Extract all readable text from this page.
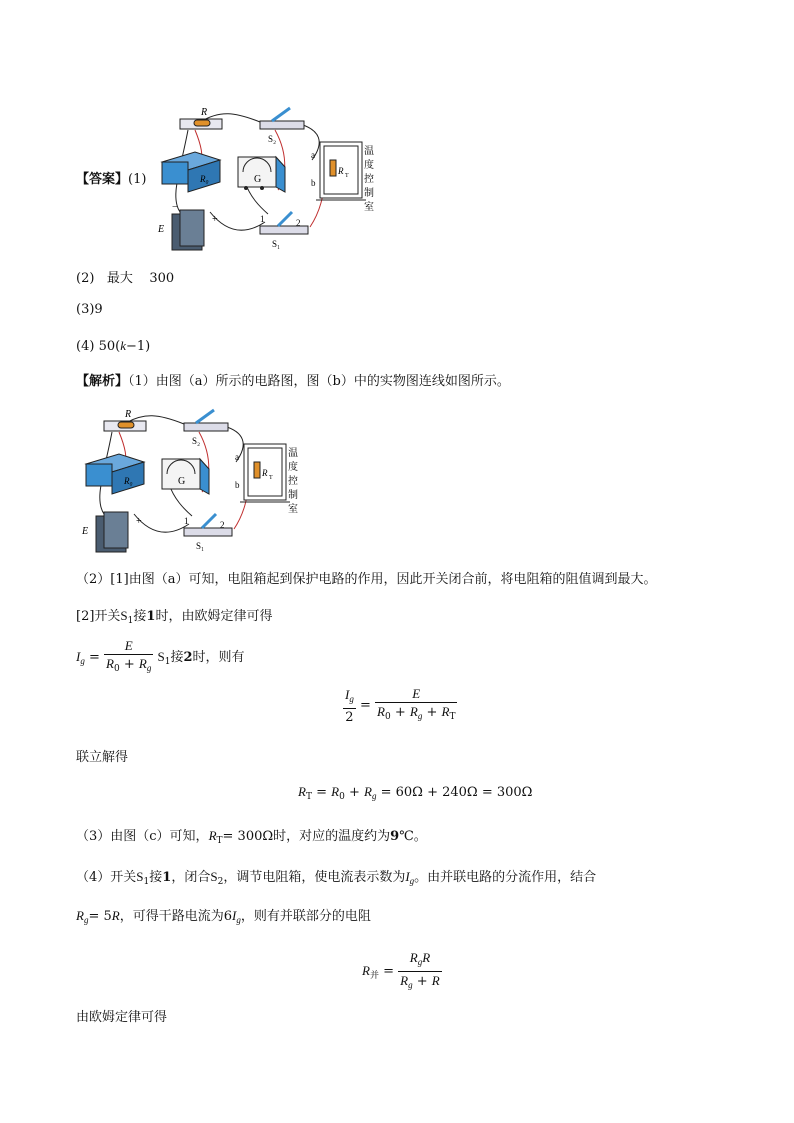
【答案】(1)
R
R₀	G
E
−
+
S₂
1	2
S₁
R T
a
b
温
度
控
制
室
(2) 最大 300
(3)9
(4) 50(k−1)
【解析】（1）由图（a）所示的电路图，图（b）中的实物图连线如图所示。
R
R₀	G
E
+
S₂
1	2
S₁
R T
a
b
温
度
控
制
室
（2）[1]由图（a）可知，电阻箱起到保护电路的作用，因此开关闭合前，将电阻箱的阻值调到最大。
[2]开关$S_1$接1时，由欧姆定律可得
$I_g = \frac{E}{R_0 + R_g} S_1$接2时，则有
$\frac{I_g}{2} = \frac{E}{R_0 + R_g + R_T}$
联立解得
$R_T = R_0 + R_g = 60\Omega + 240\Omega = 300\Omega$
（3）由图（c）可知，$R_T= 300\Omega$时，对应的温度约为9℃。
（4）开关$S_1$接1，闭合$S_2$，调节电阻箱，使电流表示数为$I_g$。由并联电路的分流作用，结合
$R_g= 5R$，可得干路电流为$6I_g$，则有并联部分的电阻
$R_并 = \frac{R_gR}{R_g + R}$
由欧姆定律可得
